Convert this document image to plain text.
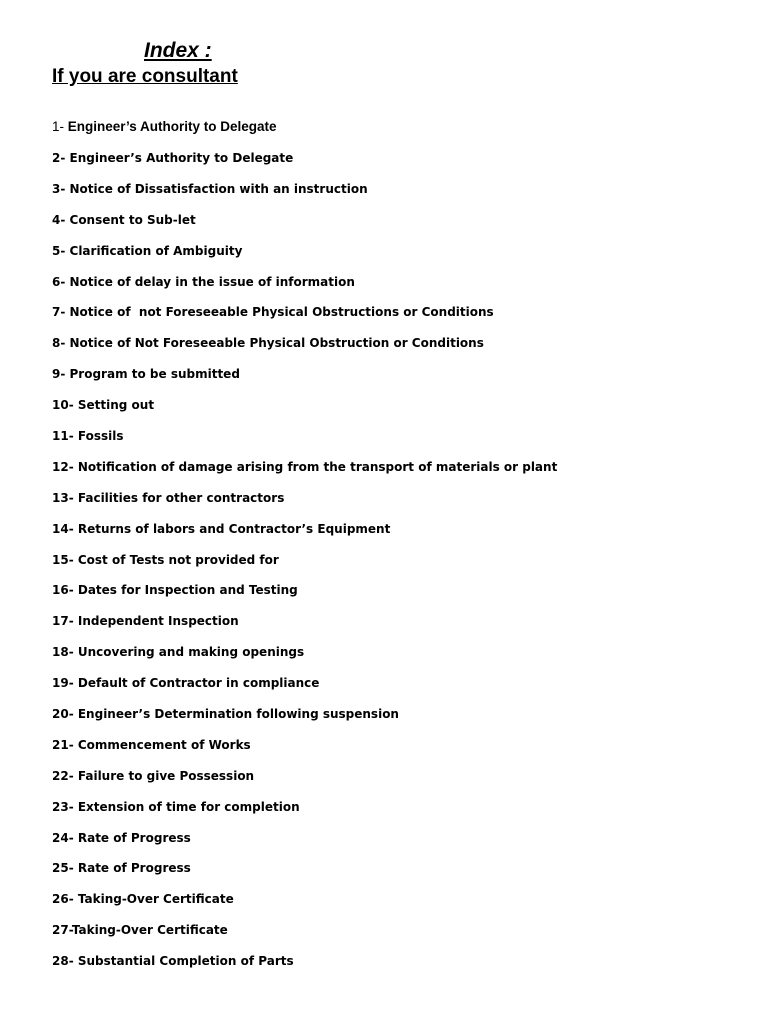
Index :
If you are consultant
1- Engineer’s Authority to Delegate
2- Engineer’s Authority to Delegate
3- Notice of Dissatisfaction with an instruction
4- Consent to Sub-let
5- Clarification of Ambiguity
6- Notice of delay in the issue of information
7- Notice of  not Foreseeable Physical Obstructions or Conditions
8- Notice of Not Foreseeable Physical Obstruction or Conditions
9- Program to be submitted
10- Setting out
11- Fossils
12- Notification of damage arising from the transport of materials or plant
13- Facilities for other contractors
14- Returns of labors and Contractor’s Equipment
15- Cost of Tests not provided for
16- Dates for Inspection and Testing
17- Independent Inspection
18- Uncovering and making openings
19- Default of Contractor in compliance
20- Engineer’s Determination following suspension
21- Commencement of Works
22- Failure to give Possession
23- Extension of time for completion
24- Rate of Progress
25- Rate of Progress
26- Taking-Over Certificate
27-Taking-Over Certificate
28- Substantial Completion of Parts
